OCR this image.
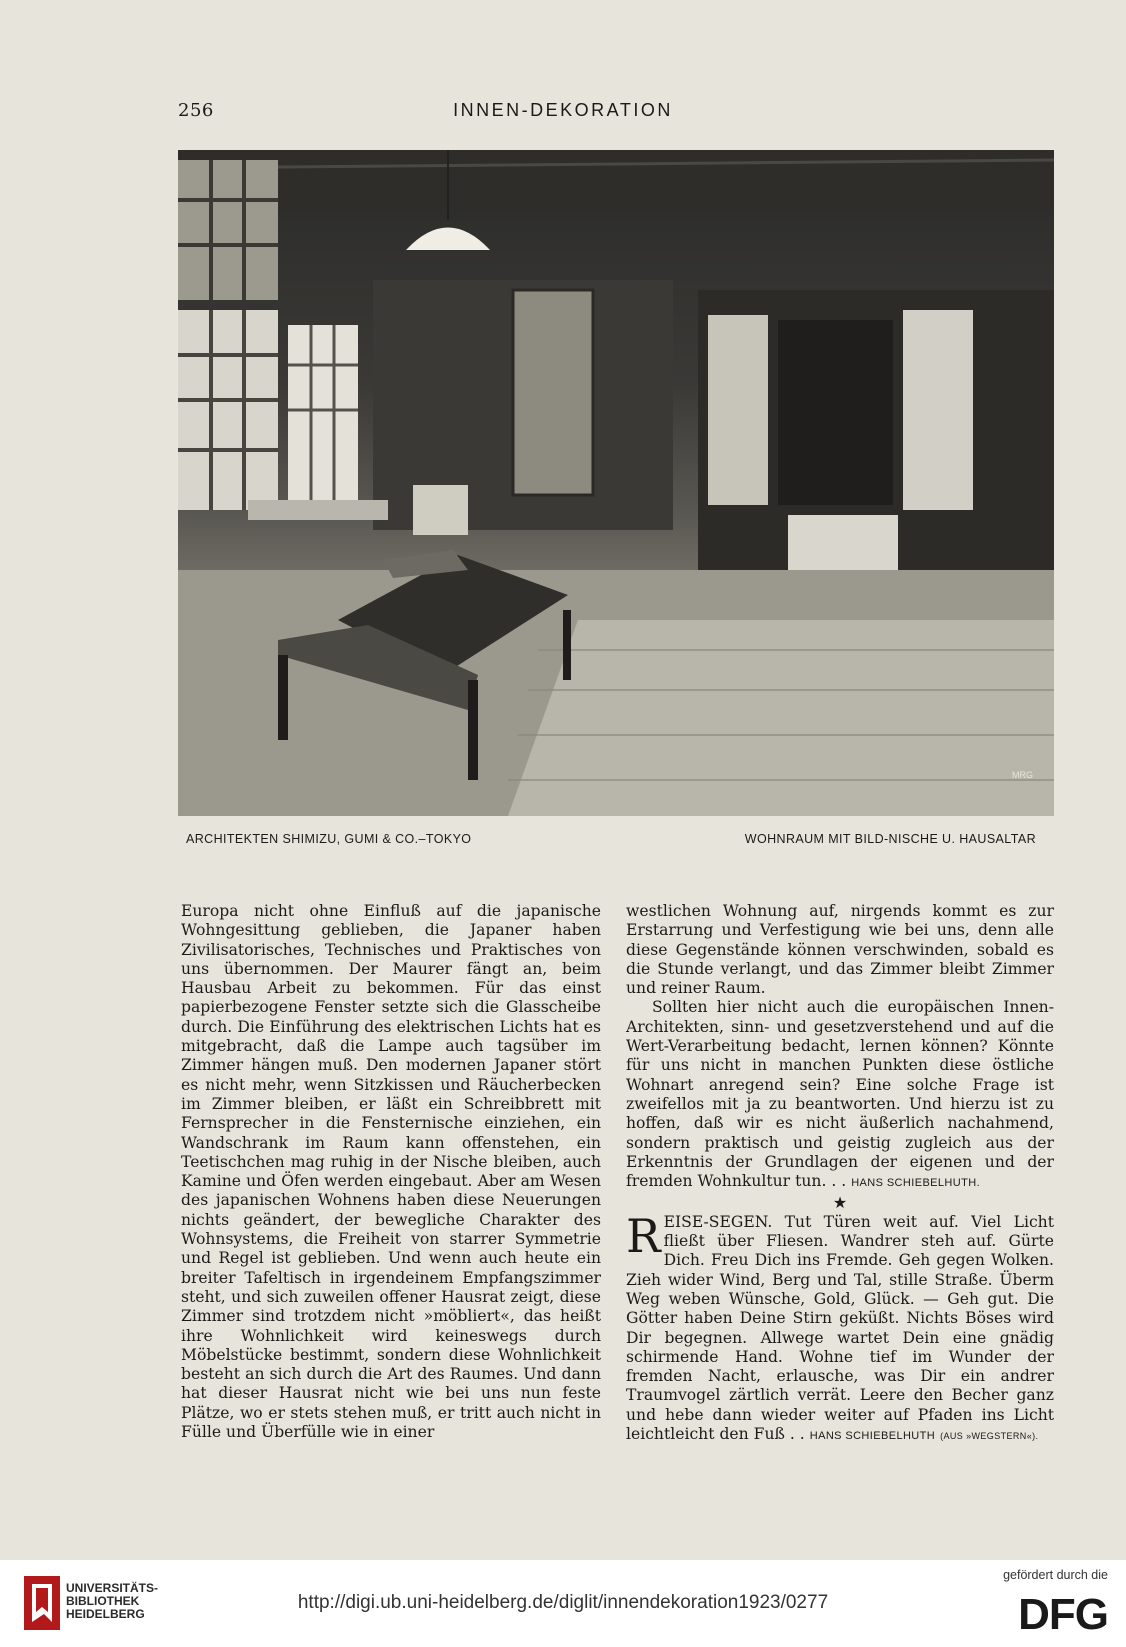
256	INNEN-DEKORATION
MRG
ARCHITEKTEN SHIMIZU, GUMI & CO.–TOKYO	WOHNRAUM MIT BILD-NISCHE U. HAUSALTAR

Europa nicht ohne Einfluß auf die japanische Wohngesittung geblieben, die Japaner haben Zivilisatorisches, Technisches und Praktisches von uns übernommen. Der Maurer fängt an, beim Hausbau Arbeit zu bekommen. Für das einst papierbezogene Fenster setzte sich die Glasscheibe durch. Die Einführung des elektrischen Lichts hat es mitgebracht, daß die Lampe auch tagsüber im Zimmer hängen muß. Den modernen Japaner stört es nicht mehr, wenn Sitzkissen und Räucherbecken im Zimmer bleiben, er läßt ein Schreibbrett mit Fernsprecher in die Fensternische einziehen, ein Wandschrank im Raum kann offenstehen, ein Teetischchen mag ruhig in der Nische bleiben, auch Kamine und Öfen werden eingebaut. Aber am Wesen des japanischen Wohnens haben diese Neuerungen nichts geändert, der bewegliche Charakter des Wohnsystems, die Freiheit von starrer Symmetrie und Regel ist geblieben. Und wenn auch heute ein breiter Tafeltisch in irgendeinem Empfangszimmer steht, und sich zuweilen offener Hausrat zeigt, diese Zimmer sind trotzdem nicht »möbliert«, das heißt ihre Wohnlichkeit wird keineswegs durch Möbelstücke bestimmt, sondern diese Wohnlichkeit besteht an sich durch die Art des Raumes. Und dann hat dieser Hausrat nicht wie bei uns nun feste Plätze, wo er stets stehen muß, er tritt auch nicht in Fülle und Überfülle wie in einer

westlichen Wohnung auf, nirgends kommt es zur Erstarrung und Verfestigung wie bei uns, denn alle diese Gegenstände können verschwinden, sobald es die Stunde verlangt, und das Zimmer bleibt Zimmer und reiner Raum.

Sollten hier nicht auch die europäischen Innen-Architekten, sinn- und gesetzverstehend und auf die Wert-Verarbeitung bedacht, lernen können? Könnte für uns nicht in manchen Punkten diese östliche Wohnart anregend sein? Eine solche Frage ist zweifellos mit ja zu beantworten. Und hierzu ist zu hoffen, daß wir es nicht äußerlich nachahmend, sondern praktisch und geistig zugleich aus der Erkenntnis der Grundlagen der eigenen und der fremden Wohnkultur tun. . . HANS SCHIEBELHUTH.

★

REISE-SEGEN. Tut Türen weit auf. Viel Licht fließt über Fliesen. Wandrer steh auf. Gürte Dich. Freu Dich ins Fremde. Geh gegen Wolken. Zieh wider Wind, Berg und Tal, stille Straße. Überm Weg weben Wünsche, Gold, Glück. — Geh gut. Die Götter haben Deine Stirn geküßt. Nichts Böses wird Dir begegnen. Allwege wartet Dein eine gnädig schirmende Hand. Wohne tief im Wunder der fremden Nacht, erlausche, was Dir ein andrer Traumvogel zärtlich verrät. Leere den Becher ganz und hebe dann wieder weiter auf Pfaden ins Licht leichtleicht den Fuß . . HANS SCHIEBELHUTH (AUS »WEGSTERN«).

UNIVERSITÄTS-
BIBLIOTHEK
HEIDELBERG
http://digi.ub.uni-heidelberg.de/diglit/innendekoration1923/0277
gefördert durch die
DFG
